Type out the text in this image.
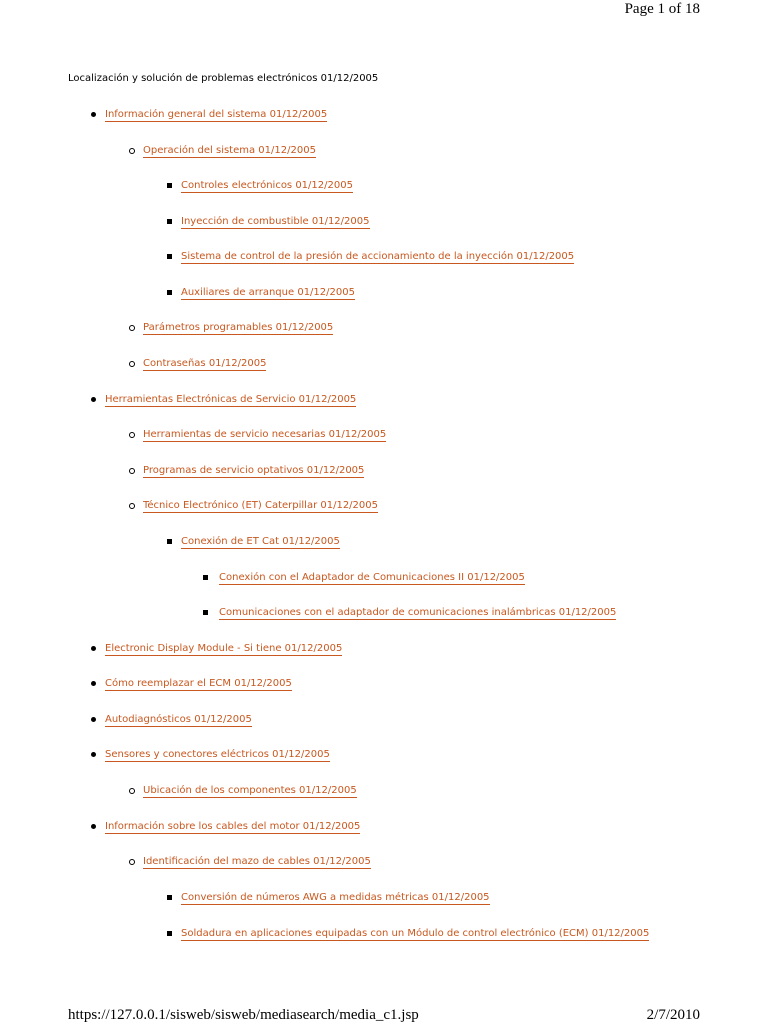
Page 1 of 18
Localización y solución de problemas electrónicos 01/12/2005
Información general del sistema 01/12/2005
Operación del sistema 01/12/2005
Controles electrónicos 01/12/2005
Inyección de combustible 01/12/2005
Sistema de control de la presión de accionamiento de la inyección 01/12/2005
Auxiliares de arranque 01/12/2005
Parámetros programables 01/12/2005
Contraseñas 01/12/2005
Herramientas Electrónicas de Servicio 01/12/2005
Herramientas de servicio necesarias 01/12/2005
Programas de servicio optativos 01/12/2005
Técnico Electrónico (ET) Caterpillar 01/12/2005
Conexión de ET Cat 01/12/2005
Conexión con el Adaptador de Comunicaciones II 01/12/2005
Comunicaciones con el adaptador de comunicaciones inalámbricas 01/12/2005
Electronic Display Module - Si tiene 01/12/2005
Cómo reemplazar el ECM 01/12/2005
Autodiagnósticos 01/12/2005
Sensores y conectores eléctricos 01/12/2005
Ubicación de los componentes 01/12/2005
Información sobre los cables del motor 01/12/2005
Identificación del mazo de cables 01/12/2005
Conversión de números AWG a medidas métricas 01/12/2005
Soldadura en aplicaciones equipadas con un Módulo de control electrónico (ECM) 01/12/2005
https://127.0.0.1/sisweb/sisweb/mediasearch/media_c1.jsp	2/7/2010
